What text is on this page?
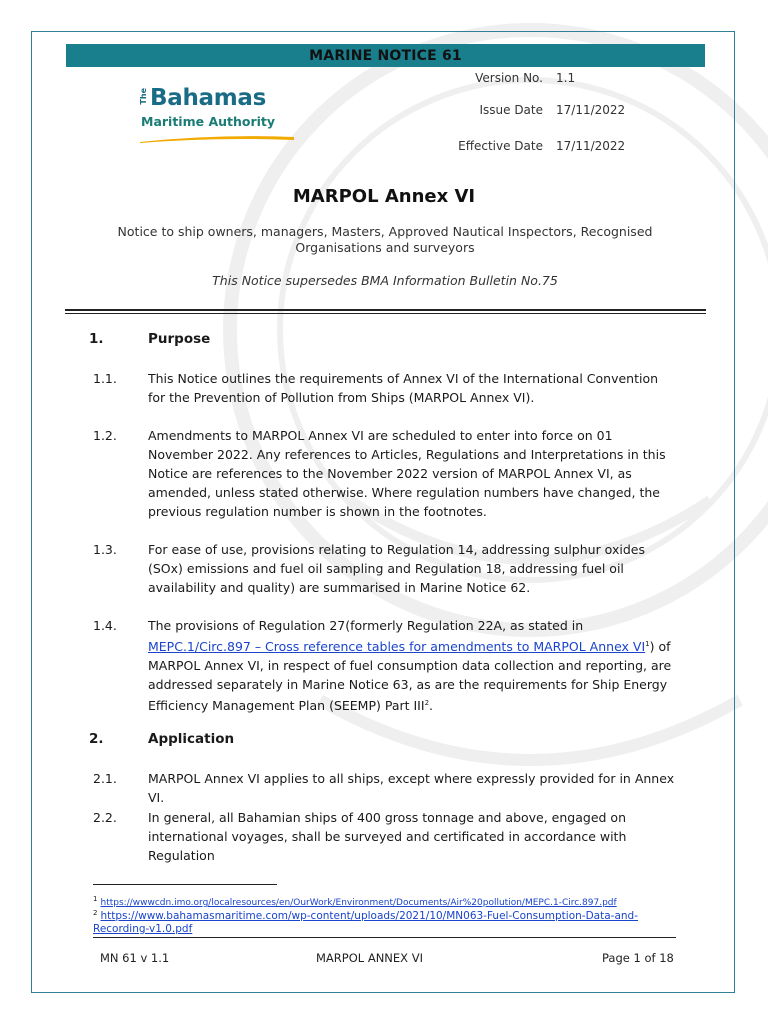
MARINE NOTICE 61
The Bahamas
Maritime Authority
Version No. 1.1
Issue Date 17/11/2022
Effective Date 17/11/2022
MARPOL Annex VI
Notice to ship owners, managers, Masters, Approved Nautical Inspectors, Recognised Organisations and surveyors
This Notice supersedes BMA Information Bulletin No.75
1.	Purpose
1.1. This Notice outlines the requirements of Annex VI of the International Convention for the Prevention of Pollution from Ships (MARPOL Annex VI).
1.2. Amendments to MARPOL Annex VI are scheduled to enter into force on 01 November 2022. Any references to Articles, Regulations and Interpretations in this Notice are references to the November 2022 version of MARPOL Annex VI, as amended, unless stated otherwise. Where regulation numbers have changed, the previous regulation number is shown in the footnotes.
1.3. For ease of use, provisions relating to Regulation 14, addressing sulphur oxides (SOx) emissions and fuel oil sampling and Regulation 18, addressing fuel oil availability and quality) are summarised in Marine Notice 62.
1.4. The provisions of Regulation 27(formerly Regulation 22A, as stated in MEPC.1/Circ.897 – Cross reference tables for amendments to MARPOL Annex $VI^1$) of MARPOL Annex VI, in respect of fuel consumption data collection and reporting, are addressed separately in Marine Notice 63, as are the requirements for Ship Energy Efficiency Management Plan (SEEMP) Part III$^2$.
2.	Application
2.1. MARPOL Annex VI applies to all ships, except where expressly provided for in Annex VI.
2.2. In general, all Bahamian ships of 400 gross tonnage and above, engaged on international voyages, shall be surveyed and certificated in accordance with Regulation
$^1$ https://wwwcdn.imo.org/localresources/en/OurWork/Environment/Documents/Air%20pollution/MEPC.1-Circ.897.pdf
$^2$ https://www.bahamasmaritime.com/wp-content/uploads/2021/10/MN063-Fuel-Consumption-Data-and-Recording-v1.0.pdf
MN 61 v 1.1	MARPOL ANNEX VI	Page 1 of 18
